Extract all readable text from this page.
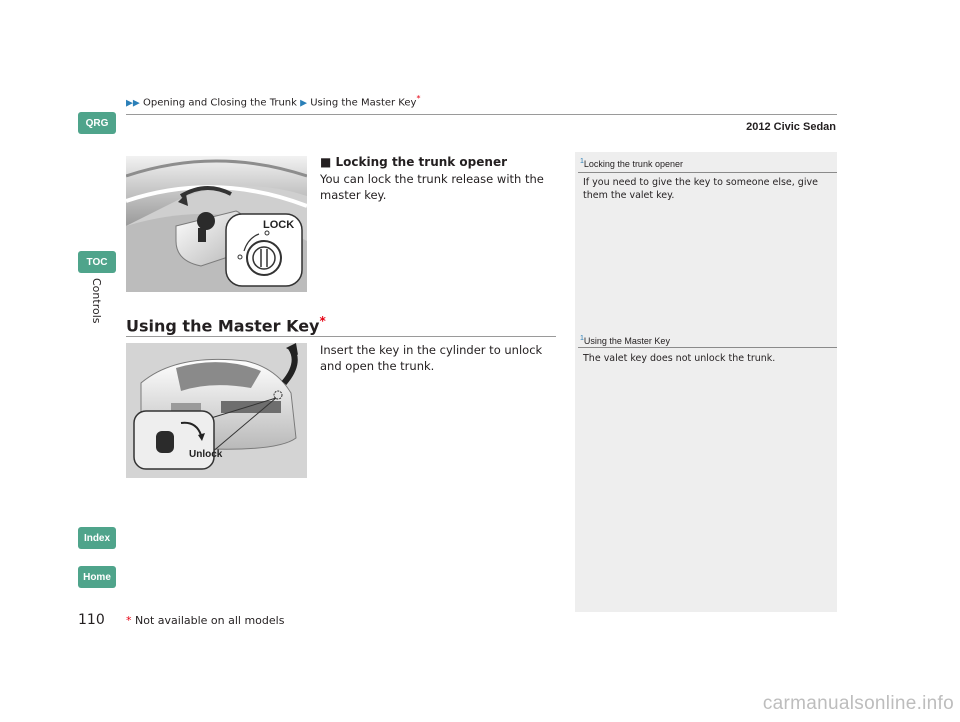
▶▶ Opening and Closing the Trunk ▶ Using the Master Key*
2012 Civic Sedan
QRG
TOC
Controls
Index
Home
LOCK
■ Locking the trunk opener
You can lock the trunk release with the master key.
Using the Master Key*
Unlock
Insert the key in the cylinder to unlock and open the trunk.
$^1$Locking the trunk opener
If you need to give the key to someone else, give them the valet key.
$^1$Using the Master Key
The valet key does not unlock the trunk.
110 * Not available on all models
carmanualsonline.info
